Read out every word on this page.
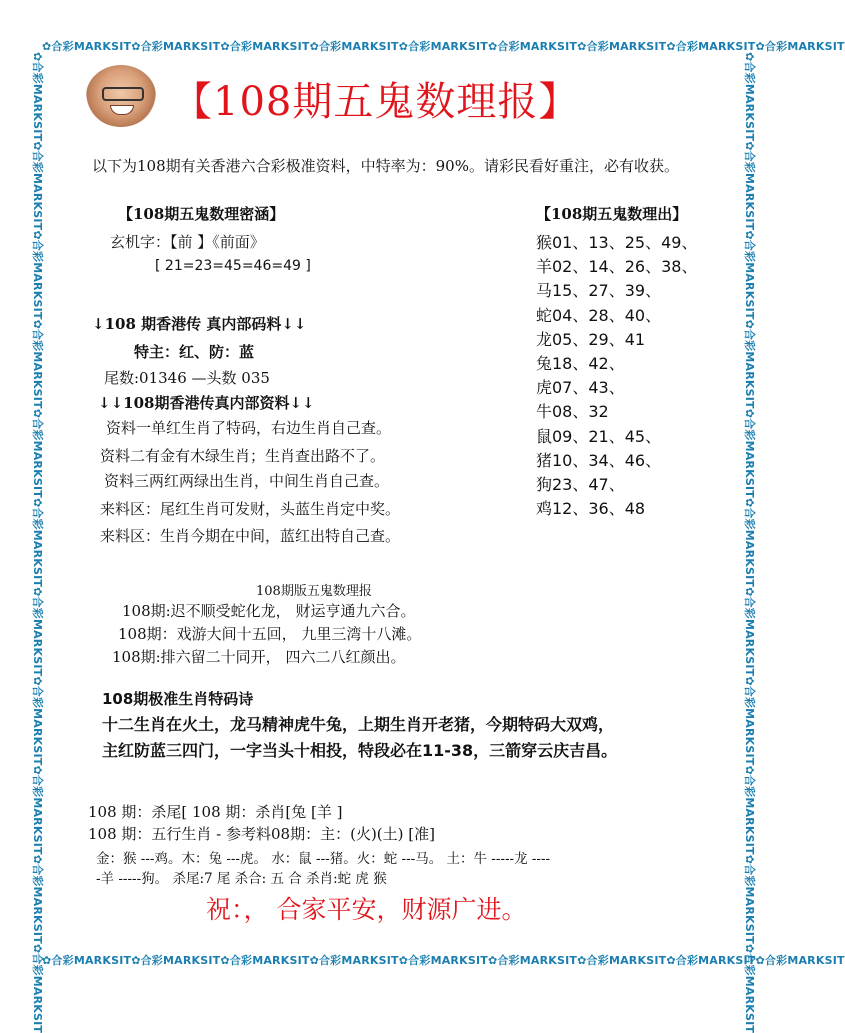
✿合彩MARKSIT✿合彩MARKSIT✿合彩MARKSIT✿合彩MARKSIT✿合彩MARKSIT✿合彩MARKSIT✿合彩MARKSIT✿合彩MARKSIT✿合彩MARKSIT
✿合彩MARKSIT✿合彩MARKSIT✿合彩MARKSIT✿合彩MARKSIT✿合彩MARKSIT✿合彩MARKSIT✿合彩MARKSIT✿合彩MARKSIT✿合彩MARKSIT
✿合彩MARKSIT✿合彩MARKSIT✿合彩MARKSIT✿合彩MARKSIT✿合彩MARKSIT✿合彩MARKSIT✿合彩MARKSIT✿合彩MARKSIT✿合彩MARKSIT✿合彩MARKSIT✿合彩MARKSIT	✿合彩MARKSIT✿合彩MARKSIT✿合彩MARKSIT✿合彩MARKSIT✿合彩MARKSIT✿合彩MARKSIT✿合彩MARKSIT✿合彩MARKSIT✿合彩MARKSIT✿合彩MARKSIT✿合彩MARKSIT
【108期五鬼数理报】
以下为108期有关香港六合彩极准资料，中特率为：90%。请彩民看好重注，必有收获。
【108期五鬼数理密涵】
玄机字：【前 】《前面》
[ 21=23=45=46=49 ]
【108期五鬼数理出】
猴01、13、25、49、
羊02、14、26、38、
马15、27、39、
蛇04、28、40、
龙05、29、41
兔18、42、
虎07、43、
牛08、32
鼠09、21、45、
猪10、34、46、
狗23、47、
鸡12、36、48
↓108 期香港传 真内部码料↓↓
特主：红、防：蓝
尾数:01346 —头数 035
↓↓108期香港传真内部资料↓↓
资料一单红生肖了特码，右边生肖自己查。
资料二有金有木绿生肖；生肖查出路不了。
资料三两红两绿出生肖，中间生肖自己查。
来料区：尾红生肖可发财，头蓝生肖定中奖。
来料区：生肖今期在中间，蓝红出特自己查。
108期版五鬼数理报
108期:迟不顺受蛇化龙， 财运亨通九六合。
108期：戏游大间十五回， 九里三湾十八滩。
108期:排六留二十同开， 四六二八红颜出。
108期极准生肖特码诗
十二生肖在火土，龙马精神虎牛兔，上期生肖开老猪，今期特码大双鸡，
主红防蓝三四门，一字当头十相投，特段必在11-38，三箭穿云庆吉昌。
108 期：杀尾[ 108 期：杀肖[兔 [羊 ]
108 期：五行生肖 - 参考料08期：主：(火)(土) [准]
金：猴 ---鸡。木：兔 ---虎。 水：鼠 ---猪。火：蛇 ---马。 土：牛 -----龙 ----
-羊 -----狗。 杀尾:7 尾 杀合: 五 合 杀肖:蛇 虎 猴
祝：， 合家平安，财源广进。
